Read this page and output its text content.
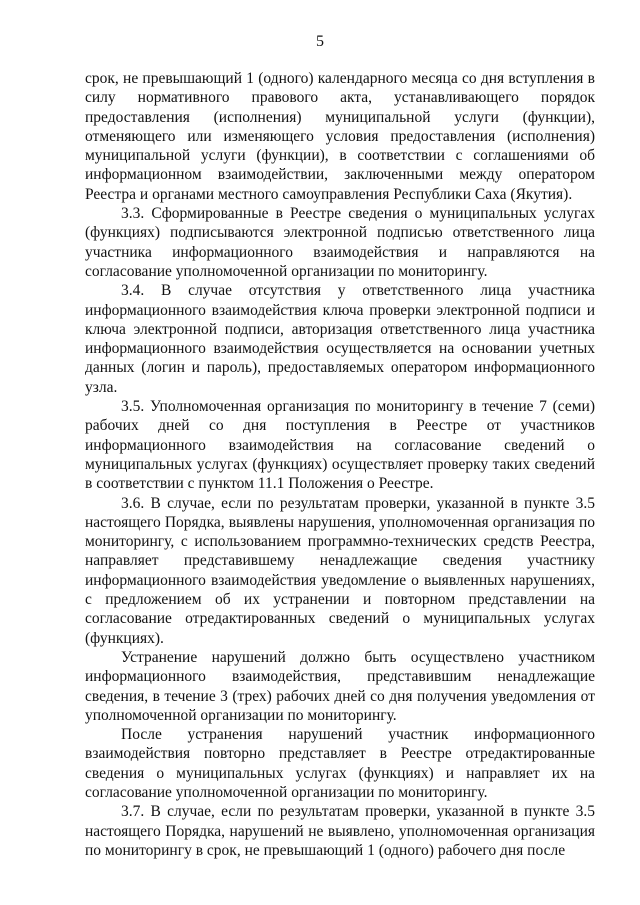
5

срок, не превышающий 1 (одного) календарного месяца со дня вступления в силу нормативного правового акта, устанавливающего порядок предоставления (исполнения) муниципальной услуги (функции), отменяющего или изменяющего условия предоставления (исполнения) муниципальной услуги (функции), в соответствии с соглашениями об информационном взаимодействии, заключенными между оператором Реестра и органами местного самоуправления Республики Саха (Якутия).

3.3. Сформированные в Реестре сведения о муниципальных услугах (функциях) подписываются электронной подписью ответственного лица участника информационного взаимодействия и направляются на согласование уполномоченной организации по мониторингу.

3.4. В случае отсутствия у ответственного лица участника информационного взаимодействия ключа проверки электронной подписи и ключа электронной подписи, авторизация ответственного лица участника информационного взаимодействия осуществляется на основании учетных данных (логин и пароль), предоставляемых оператором информационного узла.

3.5. Уполномоченная организация по мониторингу в течение 7 (семи) рабочих дней со дня поступления в Реестре от участников информационного взаимодействия на согласование сведений о муниципальных услугах (функциях) осуществляет проверку таких сведений в соответствии с пунктом 11.1 Положения о Реестре.

3.6. В случае, если по результатам проверки, указанной в пункте 3.5 настоящего Порядка, выявлены нарушения, уполномоченная организация по мониторингу, с использованием программно-технических средств Реестра, направляет представившему ненадлежащие сведения участнику информационного взаимодействия уведомление о выявленных нарушениях, с предложением об их устранении и повторном представлении на согласование отредактированных сведений о муниципальных услугах (функциях).

Устранение нарушений должно быть осуществлено участником информационного взаимодействия, представившим ненадлежащие сведения, в течение 3 (трех) рабочих дней со дня получения уведомления от уполномоченной организации по мониторингу.

После устранения нарушений участник информационного взаимодействия повторно представляет в Реестре отредактированные сведения о муниципальных услугах (функциях) и направляет их на согласование уполномоченной организации по мониторингу.

3.7. В случае, если по результатам проверки, указанной в пункте 3.5 настоящего Порядка, нарушений не выявлено, уполномоченная организация по мониторингу в срок, не превышающий 1 (одного) рабочего дня после
